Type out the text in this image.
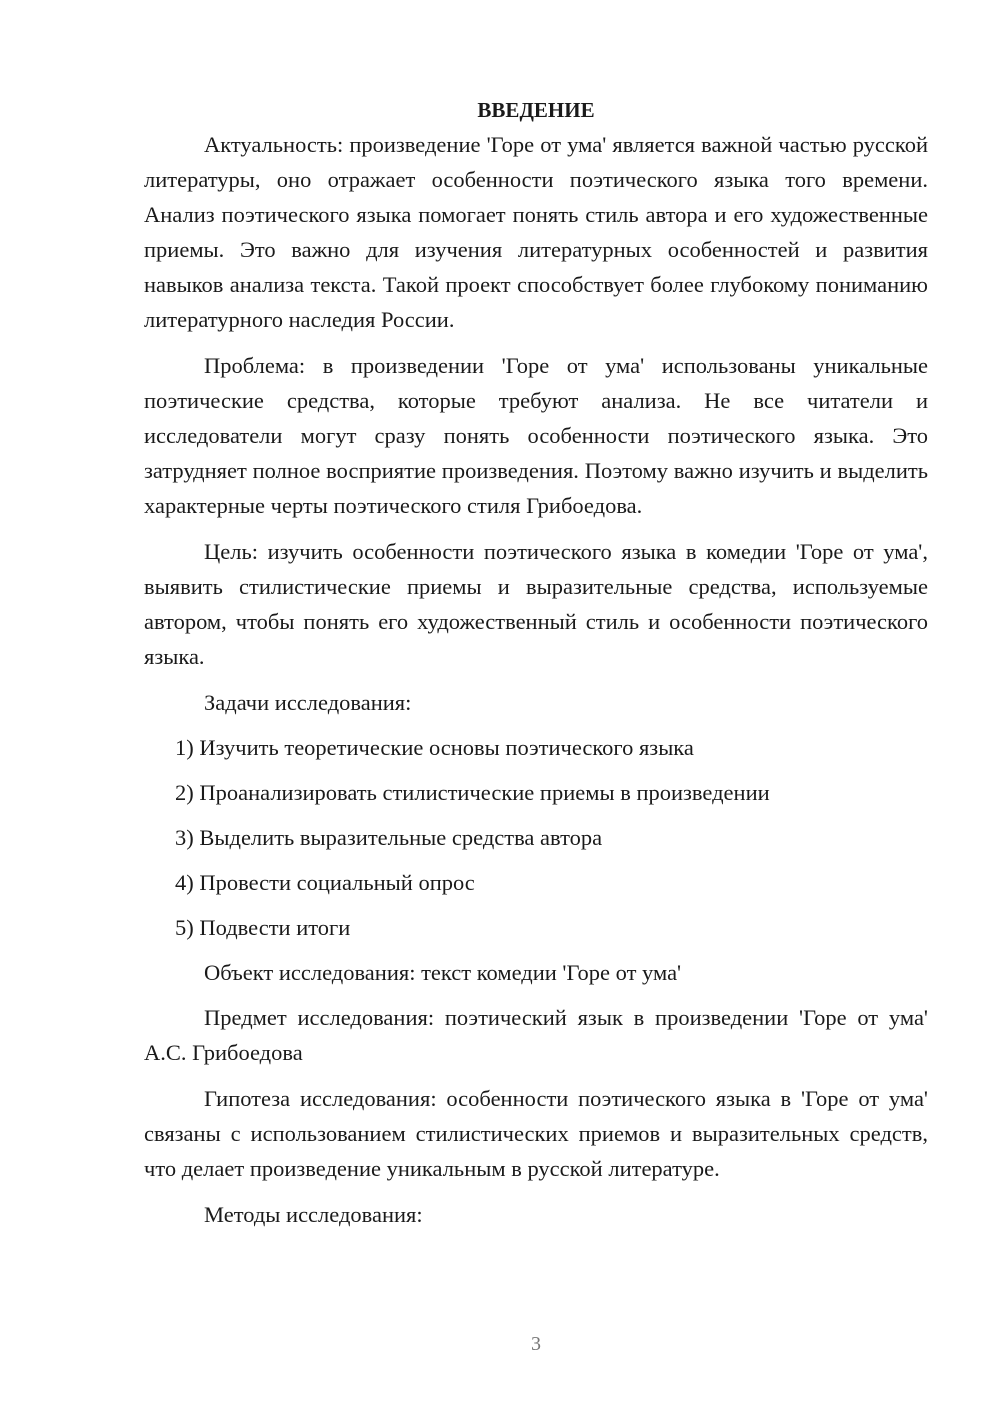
ВВЕДЕНИЕ

Актуальность: произведение 'Горе от ума' является важной частью русской литературы, оно отражает особенности поэтического языка того времени. Анализ поэтического языка помогает понять стиль автора и его художественные приемы. Это важно для изучения литературных особенностей и развития навыков анализа текста. Такой проект способствует более глубокому пониманию литературного наследия России.

Проблема: в произведении 'Горе от ума' использованы уникальные поэтические средства, которые требуют анализа. Не все читатели и исследователи могут сразу понять особенности поэтического языка. Это затрудняет полное восприятие произведения. Поэтому важно изучить и выделить характерные черты поэтического стиля Грибоедова.

Цель: изучить особенности поэтического языка в комедии 'Горе от ума', выявить стилистические приемы и выразительные средства, используемые автором, чтобы понять его художественный стиль и особенности поэтического языка.

Задачи исследования:

1) Изучить теоретические основы поэтического языка

2) Проанализировать стилистические приемы в произведении

3) Выделить выразительные средства автора

4) Провести социальный опрос

5) Подвести итоги

Объект исследования: текст комедии 'Горе от ума'

Предмет исследования: поэтический язык в произведении 'Горе от ума' А.С. Грибоедова

Гипотеза исследования: особенности поэтического языка в 'Горе от ума' связаны с использованием стилистических приемов и выразительных средств, что делает произведение уникальным в русской литературе.

Методы исследования:

3
